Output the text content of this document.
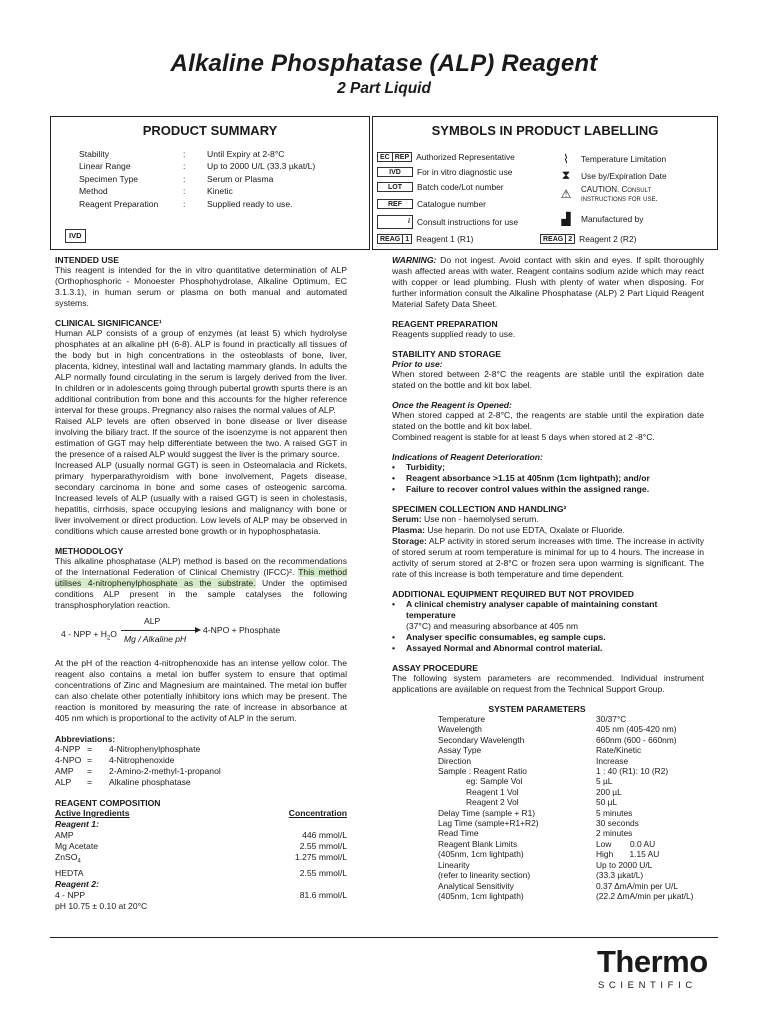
Alkaline Phosphatase (ALP) Reagent
2 Part Liquid
PRODUCT SUMMARY
Stability	:	Until Expiry at 2-8°C
Linear Range	:	Up to 2000 U/L (33.3 µkat/L)
Specimen Type	:	Serum or Plasma
Method	:	Kinetic
Reagent Preparation	:	Supplied ready to use.
IVD
SYMBOLS IN PRODUCT LABELLING
EC REP Authorized Representative
IVD For in vitro diagnostic use
LOT Batch code/Lot number
REF Catalogue number
i Consult instructions for use
REAG 1 Reagent 1 (R1)
⌇	Temperature Limitation
⧗	Use by/Expiration Date
⚠	CAUTION. Consult instructions for use.
▟	Manufactured by
REAG 2 Reagent 2 (R2)
INTENDED USE
This reagent is intended for the in vitro quantitative determination of ALP (Orthophosphoric - Monoester Phosphohydrolase, Alkaline Optimum, EC 3.1.3.1), in human serum or plasma on both manual and automated systems.
CLINICAL SIGNIFICANCE¹
Human ALP consists of a group of enzymes (at least 5) which hydrolyse phosphates at an alkaline pH (6-8). ALP is found in practically all tissues of the body but in high concentrations in the osteoblasts of bone, liver, placenta, kidney, intestinal wall and lactating mammary glands. In adults the ALP normally found circulating in the serum is largely derived from the liver. In children or in adolescents going through pubertal growth spurts there is an additional contribution from bone and this accounts for the higher reference interval for these groups. Pregnancy also raises the normal values of ALP.
Raised ALP levels are often observed in bone disease or liver disease involving the biliary tract. If the source of the isoenzyme is not apparent then estimation of GGT may help differentiate between the two. A raised GGT in the presence of a raised ALP would suggest the liver is the primary source.
Increased ALP (usually normal GGT) is seen in Osteomalacia and Rickets, primary hyperparathyroidism with bone involvement, Pagets disease, secondary carcinoma in bone and some cases of osteogenic sarcoma. Increased levels of ALP (usually with a raised GGT) is seen in cholestasis, hepatitis, cirrhosis, space occupying lesions and malignancy with bone or liver involvement or direct production. Low levels of ALP may be observed in conditions which cause arrested bone growth or in hypophosphatasia.
METHODOLOGY
This alkaline phosphatase (ALP) method is based on the recommendations of the International Federation of Clinical Chemistry (IFCC)². This method utilises 4-nitrophenylphosphate as the substrate. Under the optimised conditions ALP present in the sample catalyses the following transphosphorylation reaction.
4 - NPP + $H_2O$
ALP
Mg / Alkaline pH
4-NPO + Phosphate
At the pH of the reaction 4-nitrophenoxide has an intense yellow color. The reagent also contains a metal ion buffer system to ensure that optimal concentrations of Zinc and Magnesium are maintained. The metal ion buffer can also chelate other potentially inhibitory ions which may be present. The reaction is monitored by measuring the rate of increase in absorbance at 405 nm which is proportional to the activity of ALP in the serum.
Abbreviations:
4-NPP =	4-Nitrophenylphosphate
4-NPO =	4-Nitrophenoxide
AMP	=	2-Amino-2-methyl-1-propanol
ALP	=	Alkaline phosphatase
REAGENT COMPOSITION
Active Ingredients	Concentration
Reagent 1:
AMP	446 mmol/L
Mg Acetate	2.55 mmol/L
ZnSO$_4$	1.275 mmol/L
HEDTA	2.55 mmol/L
Reagent 2:
4 - NPP	81.6 mmol/L
pH 10.75 ± 0.10 at 20°C
WARNING: Do not ingest. Avoid contact with skin and eyes. If spilt thoroughly wash affected areas with water. Reagent contains sodium azide which may react with copper or lead plumbing. Flush with plenty of water when disposing. For further information consult the Alkaline Phosphatase (ALP) 2 Part Liquid Reagent Material Safety Data Sheet.
REAGENT PREPARATION
Reagents supplied ready to use.
STABILITY AND STORAGE
Prior to use:
When stored between 2-8°C the reagents are stable until the expiration date stated on the bottle and kit box label.
Once the Reagent is Opened:
When stored capped at 2-8°C, the reagents are stable until the expiration date stated on the bottle and kit box label.
Combined reagent is stable for at least 5 days when stored at 2 -8°C.
Indications of Reagent Deterioration:
• Turbidity;
• Reagent absorbance >1.15 at 405nm (1cm lightpath); and/or
• Failure to recover control values within the assigned range.
SPECIMEN COLLECTION AND HANDLING²
Serum: Use non - haemolysed serum.
Plasma: Use heparin. Do not use EDTA, Oxalate or Fluoride.
Storage: ALP activity in stored serum increases with time. The increase in activity of stored serum at room temperature is minimal for up to 4 hours. The increase in activity of serum stored at 2-8°C or frozen sera upon warming is significant. The rate of this increase is both temperature and time dependent.
ADDITIONAL EQUIPMENT REQUIRED BUT NOT PROVIDED
• A clinical chemistry analyser capable of maintaining constant temperature
(37°C) and measuring absorbance at 405 nm
• Analyser specific consumables, eg sample cups.
• Assayed Normal and Abnormal control material.
ASSAY PROCEDURE
The following system parameters are recommended. Individual instrument applications are available on request from the Technical Support Group.
SYSTEM PARAMETERS
Temperature	30/37°C
Wavelength	405 nm (405-420 nm)
Secondary Wavelength	660nm (600 - 660nm)
Assay Type	Rate/Kinetic
Direction	Increase
Sample : Reagent Ratio	1 : 40 (R1): 10 (R2)
eg: Sample Vol	5 µL
Reagent 1 Vol	200 µL
Reagent 2 Vol	50 µL
Delay Time (sample + R1)	5 minutes
Lag Time (sample+R1+R2)	30 seconds
Read Time	2 minutes
Reagent Blank Limits	Low        0.0 AU
(405nm, 1cm lightpath)	High       1.15 AU
Linearity	Up to 2000 U/L
(refer to linearity section)	(33.3 µkat/L)
Analytical Sensitivity	0.37 ΔmA/min per U/L
(405nm, 1cm lightpath)	(22.2 ΔmA/min per µkat/L)
Thermo
SCIENTIFIC
